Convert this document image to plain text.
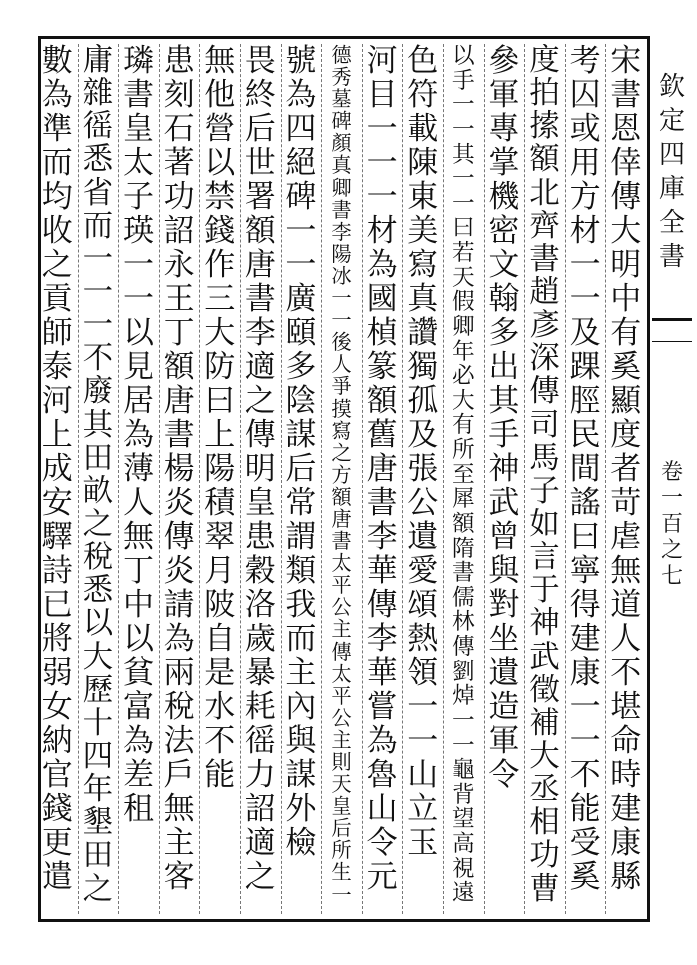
欽
定
四
庫
全
書
卷
一
百
之
七
宋
書
恩
倖
傳
大
明
中
有
奚
顯
度
者
苛
虐
無
道
人
不
堪
命
時
建
康
縣
考
囚
或
用
方
材
一
一
及
踝
脛
民
間
謠
曰
寧
得
建
康
一
一
不
能
受
奚
度
拍
𢱢
額
北
齊
書
趙
彥
深
傳
司
馬
子
如
言
于
神
武
徵
補
大
丞
相
功
曹
參
軍
專
掌
機
密
文
翰
多
出
其
手
神
武
曾
與
對
坐
遺
造
軍
令
以
手
一
一
其
一
一
曰
若
天
假
卿
年
必
大
有
所
至
犀
額
隋
書
儒
林
傳
劉
焯
一
一
龜
背
望
高
視
遠
色
符
載
陳
東
美
寫
真
讚
獨
孤
及
張
公
遺
愛
頌
熱
領
一
一
山
立
玉
河
目
一
一
一
材
為
國
楨
篆
額
舊
唐
書
李
華
傳
李
華
嘗
為
魯
山
令
元
德
秀
墓
碑
顏
真
卿
書
李
陽
冰
一
一
後
人
爭
摸
寫
之
方
額
唐
書
太
平
公
主
傳
太
平
公
主
則
天
皇
后
所
生
一
號
為
四
絕
碑
一
一
廣
頤
多
陰
謀
后
常
謂
類
我
而
主
內
與
謀
外
檢
畏
終
后
世
署
額
唐
書
李
適
之
傳
明
皇
患
穀
洛
歲
暴
耗
徭
力
詔
適
之
無
他
營
以
禁
錢
作
三
大
防
曰
上
陽
積
翠
月
陂
自
是
水
不
能
患
刻
石
著
功
詔
永
王
丁
額
唐
書
楊
炎
傳
炎
請
為
兩
稅
法
戶
無
主
客
璘
書
皇
太
子
瑛
一
一
以
見
居
為
薄
人
無
丁
中
以
貧
富
為
差
租
庸
雜
徭
悉
省
而
一
一
一
不
廢
其
田
畝
之
稅
悉
以
大
歷
十
四
年
墾
田
之
數
為
準
而
均
收
之
貢
師
泰
河
上
成
安
驛
詩
已
將
弱
女
納
官
錢
更
遣
